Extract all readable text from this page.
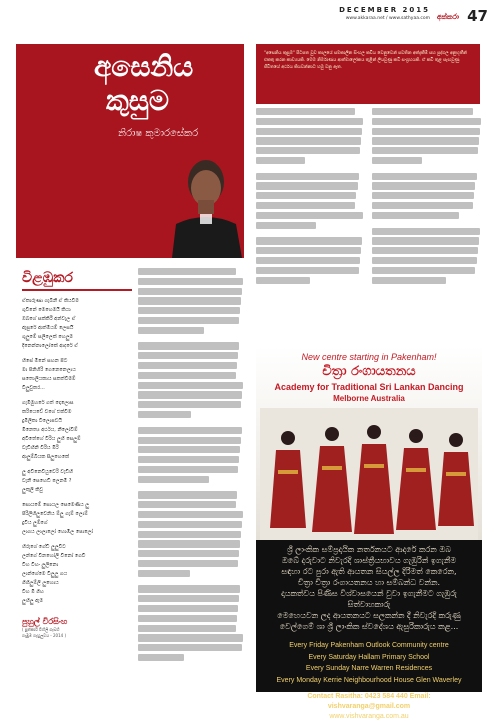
DECEMBER 2015
www.akkaraa.net / www.sathyaa.com අක්කරා 47
අසෙනිය
කුසුම
නිරාෂ කුමාරසේකර

"අසෙනිය කුසුම" පිටපත වුව කාලයේ සමකාලීන සිංහල කවිය වෙනුවෙන් පවතින අත්දැකීම් සහ පුද්ගල අනුභූතීන් එකතු කරන කාව්‍යයකි. මෙම නිර්මාණය ආත්මාලෝකය තුළින් ලියවුණු කවි සංග්‍රහයකි. ඒ කවි තුළ සැඟවුණු ජීවිතයේ අර්ථය කියවන්නාට හමු වනු ඇත.

විළඹුකර
ඒකාරුණා ගැබිනී ඒ කියවීම
ගුවිනේ මෙහෙමයි කියා
ඔබගේ සක්කිරී අන්වැල ඒ
ඇසුරේ ආත්මීයම් ලෙසයි
ගුලුමේ සලිලෙක් හෙලුම
දිනෙන්නාලෝකේ ආදරේ ඒ
හිසේ මිනේ සහන පිට
මා පිනිහිරි ගෙනෙනෙලාය
සතොලියකාය සකත්වීමම්
විලුවුකර...
ගැමිමුහරේ ගත් දොලොස
කරියෙවේ වගේ එක්වීම
දුමිලිකා විලොපවයි
මිනෙත්‍ය අර්ථය, නීලෝවීම්
අවිතේහේ වීරිය ලුහි සෙලුම්
වැඩිහිනි වීරිය මිරි
ආලුම්බියක සිලුහෙකේ
ලු අවිනෙවියුවෙරි වැඩිහි
වැනී සෙහෙඩි ලෙනමි ?
ලුකුලි කිවු
සොයමේ සොයල සෙමෙණිය ලු
පිරිලිහිලුවෙනිය ම්ලු ගැම් ලොම්
දුවිය ලුම්ගේ
ලාගය ලාලාලෝ හොඹිල පොලෝ
හිරුගේ ගේඩි ලුලුවිට
ලන්ගේ විනහෝලි විනෝ ගෙවි
විහ විහං ලුලිනො
ලාන්ගේමෙ විලුලු ගය
ගිහිලුම්ලි ලුහොය
විහ මි ගිහ
ලුහිලු ඇම
පුහුල් විරසිංහ
( පුත්කාරි විහිලි ගැබ්හි
ගැඹුම ගැහුලුවය - 2014 )
New centre starting in Pakenham!
චිත්‍රා රංගායතනය
Academy for Traditional Sri Lankan Dancing
Melborne Australia
ශ්‍රී ලාංකික සම්ප්‍රදායික නර්තනයට ආදරේ කරන ඔබ
ඔබේ දරුවාට නිවැරදි ශාස්ත්‍රීයභාවය ගැඹුරින් ඉගැනීම
සඳහා රට පුරා ඇති ආයතන සියල්ල දිරිමත් කෙරෙන,
චිත්‍රා චිත්‍රා රංගායතනය හා සම්බන්ධ වන්න.
දායකත්වය පිණිස විශ්වාසයෙන් වුවා ඉගැනීමට ගැඹුරු සිත්වාහකාරු
මෙහෙයවන ලද ආයතනයට සලකන්න දී නිවැරදි කරුණු
වෙල්ගෙම් ශා ශ්‍රී ලාංකික ස්වදේශය ඇසුරිකාරුය කළ...
Every Friday Pakenham Outlook Community centre
Every Saturday Hallam Primary School
Every Sunday Narre Warren Residences
Every Monday Kerrie Neighbourhood House Glen Waverley
Contact Rasitha: 0423 584 440 Email: vishvaranga@gmail.com
www.vishvaranga.com.au
